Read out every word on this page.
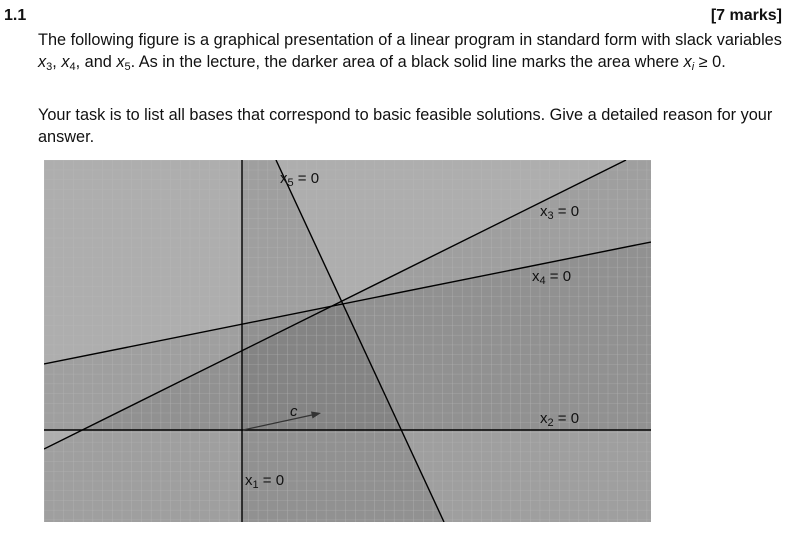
1.1	[7 marks]

The following figure is a graphical presentation of a linear program in standard form with slack variables $x_3$, $x_4$, and $x_5$. As in the lecture, the darker area of a black solid line marks the area where $x_i \ge 0$.

Your task is to list all bases that correspond to basic feasible solutions. Give a detailed reason for your answer.

$x_5 = 0$
$x_3 = 0$
$x_4 = 0$
$x_2 = 0$
$x_1 = 0$
c
